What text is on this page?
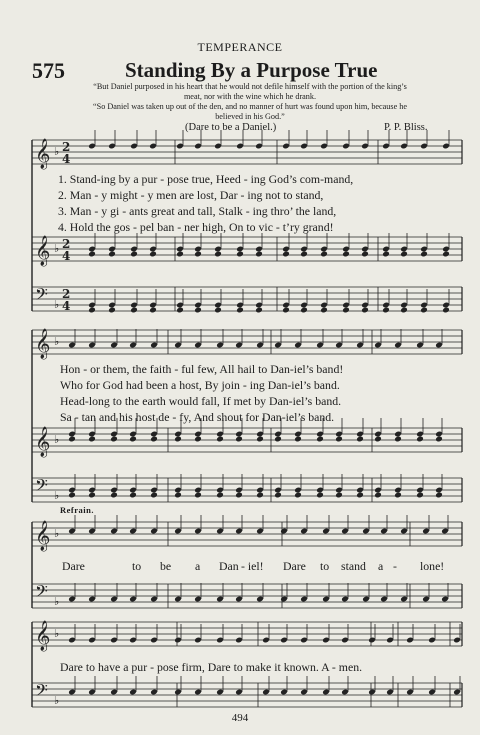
TEMPERANCE
575	Standing By a Purpose True
“But Daniel purposed in his heart that he would not defile himself with the portion of the king’s
meat, nor with the wine which he drank.
“So Daniel was taken up out of the den, and no manner of hurt was found upon him, because he
believed in his God.”
(Dare to be a Daniel.)	P. P. Bliss.
𝄞 ♭
𝄞 ♭
𝄢 ♭
𝄞 ♭
𝄞 ♭
𝄢 ♭
𝄞 ♭
𝄢 ♭
𝄞 ♭
𝄢 ♭
2
4
2
4
2
4
1. Stand-ing by a pur - pose true, Heed - ing God’s com-mand,
2. Man - y might - y men are lost, Dar - ing not to stand,
3. Man - y gi - ants great and tall, Stalk - ing thro’ the land,
4. Hold the gos - pel ban - ner high, On to vic - t’ry grand!
Hon - or them, the faith - ful few, All hail to Dan-iel’s band!
Who for God had been a host, By join - ing Dan-iel’s band.
Head-long to the earth would fall, If met by Dan-iel’s band.
Sa - tan and his host de - fy, And shout for Dan-iel’s band.
Refrain.
Dare	to be a Dan - iel! Dare to stand a - lone!
Dare to have a pur - pose firm, Dare to make it known. A - men.
494
